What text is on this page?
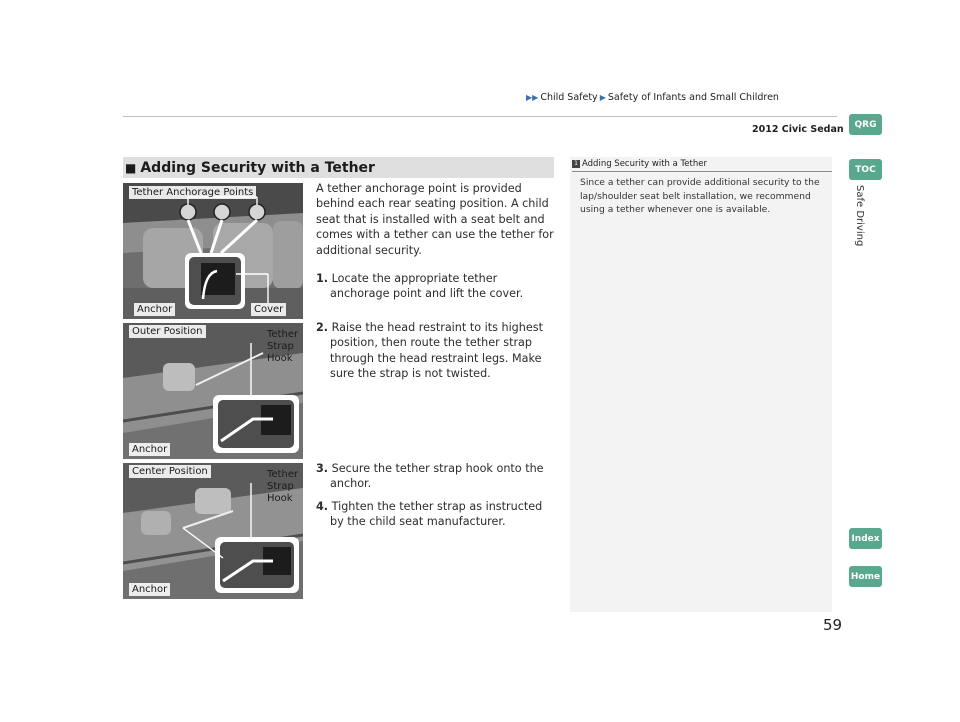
▶▶ Child Safety ▶ Safety of Infants and Small Children
2012 Civic Sedan	QRG
TOC
Safe Driving
Index
Home
■ Adding Security with a Tether	1 Adding Security with a Tether
Since a tether can provide additional security to the lap/shoulder seat belt installation, we recommend using a tether whenever one is available.
Tether Anchorage Points
Anchor	Cover
Outer Position	Tether
Strap
Hook
Anchor
Center Position	Tether
Strap
Hook
Anchor
A tether anchorage point is provided behind each rear seating position. A child seat that is installed with a seat belt and comes with a tether can use the tether for additional security.
1. Locate the appropriate tether anchorage point and lift the cover.
2. Raise the head restraint to its highest position, then route the tether strap through the head restraint legs. Make sure the strap is not twisted.
3. Secure the tether strap hook onto the anchor.
4. Tighten the tether strap as instructed by the child seat manufacturer.
59
